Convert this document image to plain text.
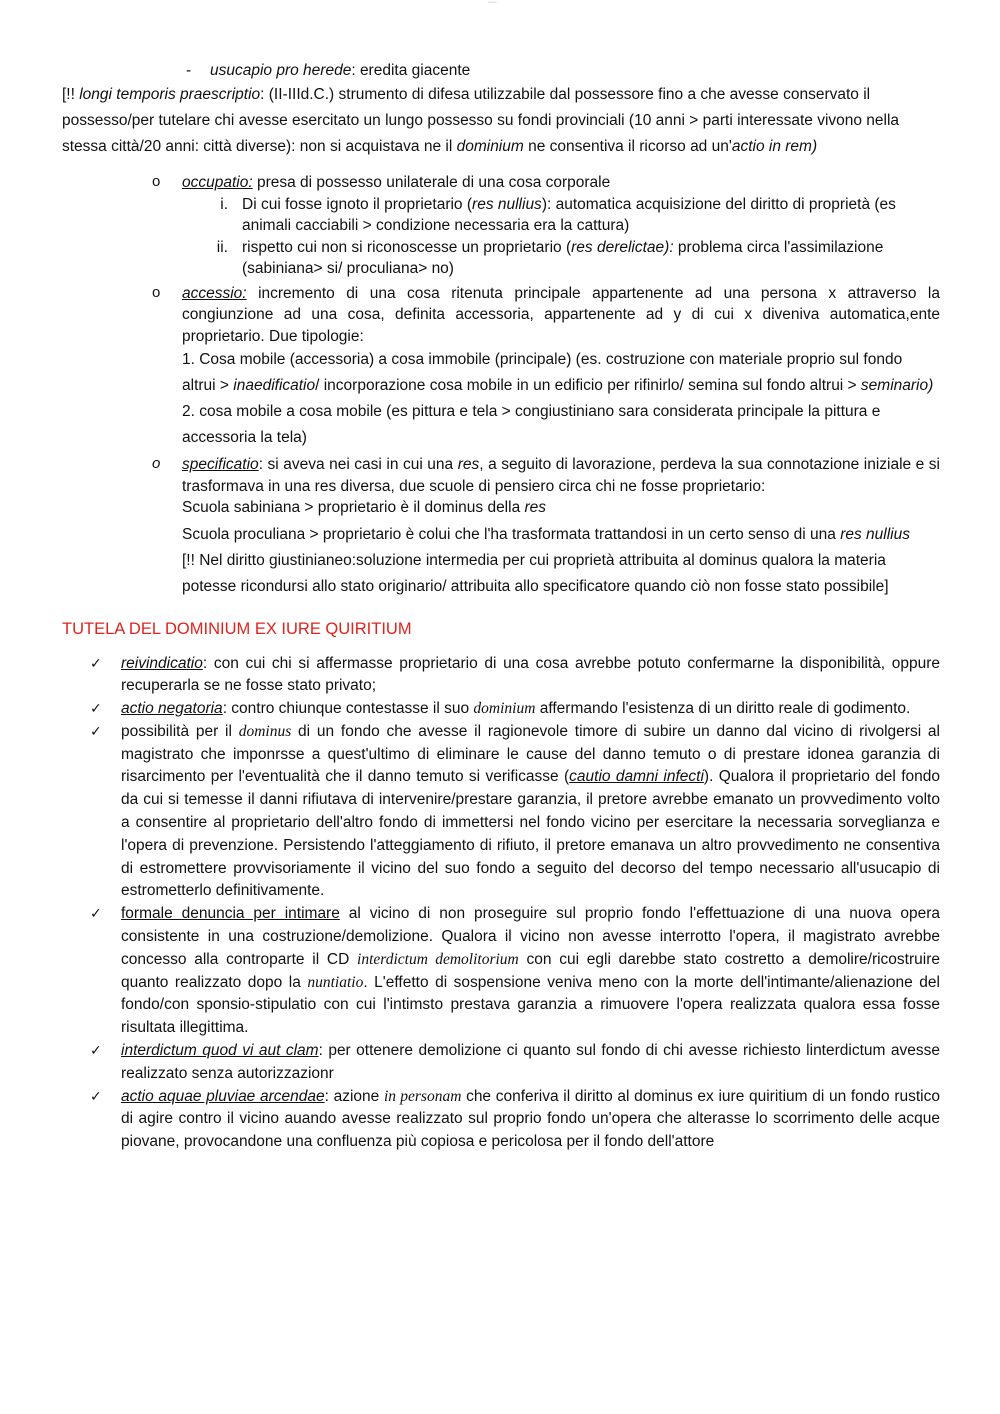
▪▪▪▪▪▪▪▪

- usucapio pro herede: eredita giacente

[!! longi temporis praescriptio: (II-IIId.C.) strumento di difesa utilizzabile dal possessore fino a che avesse conservato il possesso/per tutelare chi avesse esercitato un lungo possesso su fondi provinciali (10 anni > parti interessate vivono nella stessa città/20 anni: città diverse): non si acquistava ne il dominium ne consentiva il ricorso ad un'actio in rem)

o occupatio: presa di possesso unilaterale di una cosa corporale
i. Di cui fosse ignoto il proprietario (res nullius): automatica acquisizione del diritto di proprietà (es animali cacciabili > condizione necessaria era la cattura)
ii. rispetto cui non si riconoscesse un proprietario (res derelictae): problema circa l'assimilazione (sabiniana> si/ proculiana> no)
o accessio: incremento di una cosa ritenuta principale appartenente ad una persona x attraverso la congiunzione ad una cosa, definita accessoria, appartenente ad y di cui x diveniva automatica,ente proprietario. Due tipologie:

1. Cosa mobile (accessoria) a cosa immobile (principale) (es. costruzione con materiale proprio sul fondo altrui > inaedificatio/ incorporazione cosa mobile in un edificio per rifinirlo/ semina sul fondo altrui > seminario)

2. cosa mobile a cosa mobile (es pittura e tela > congiustiniano sara considerata principale la pittura e accessoria la tela)

o specificatio: si aveva nei casi in cui una res, a seguito di lavorazione, perdeva la sua connotazione iniziale e si trasformava in una res diversa, due scuole di pensiero circa chi ne fosse proprietario:

Scuola sabiniana > proprietario è il dominus della res

Scuola proculiana > proprietario è colui che l'ha trasformata trattandosi in un certo senso di una res nullius

[!! Nel diritto giustinianeo:soluzione intermedia per cui proprietà attribuita al dominus qualora la materia potesse ricondursi allo stato originario/ attribuita allo specificatore quando ciò non fosse stato possibile]

TUTELA DEL DOMINIUM EX IURE QUIRITIUM

✓ reivindicatio: con cui chi si affermasse proprietario di una cosa avrebbe potuto confermarne la disponibilità, oppure recuperarla se ne fosse stato privato;
✓ actio negatoria: contro chiunque contestasse il suo dominium affermando l'esistenza di un diritto reale di godimento.
✓ possibilità per il dominus di un fondo che avesse il ragionevole timore di subire un danno dal vicino di rivolgersi al magistrato che imponrsse a quest'ultimo di eliminare le cause del danno temuto o di prestare idonea garanzia di risarcimento per l'eventualità che il danno temuto si verificasse (cautio damni infecti). Qualora il proprietario del fondo da cui si temesse il danni rifiutava di intervenire/prestare garanzia, il pretore avrebbe emanato un provvedimento volto a consentire al proprietario dell'altro fondo di immettersi nel fondo vicino per esercitare la necessaria sorveglianza e l'opera di prevenzione. Persistendo l'atteggiamento di rifiuto, il pretore emanava un altro provvedimento ne consentiva di estromettere provvisoriamente il vicino del suo fondo a seguito del decorso del tempo necessario all'usucapio di estrometterlo definitivamente.
✓ formale denuncia per intimare al vicino di non proseguire sul proprio fondo l'effettuazione di una nuova opera consistente in una costruzione/demolizione. Qualora il vicino non avesse interrotto l'opera, il magistrato avrebbe concesso alla controparte il CD interdictum demolitorium con cui egli darebbe stato costretto a demolire/ricostruire quanto realizzato dopo la nuntiatio. L'effetto di sospensione veniva meno con la morte dell'intimante/alienazione del fondo/con sponsio-stipulatio con cui l'intimsto prestava garanzia a rimuovere l'opera realizzata qualora essa fosse risultata illegittima.
✓ interdictum quod vi aut clam: per ottenere demolizione ci quanto sul fondo di chi avesse richiesto linterdictum avesse realizzato senza autorizzazionr
✓ actio aquae pluviae arcendae: azione in personam che conferiva il diritto al dominus ex iure quiritium di un fondo rustico di agire contro il vicino auando avesse realizzato sul proprio fondo un'opera che alterasse lo scorrimento delle acque piovane, provocandone una confluenza più copiosa e pericolosa per il fondo dell'attore
